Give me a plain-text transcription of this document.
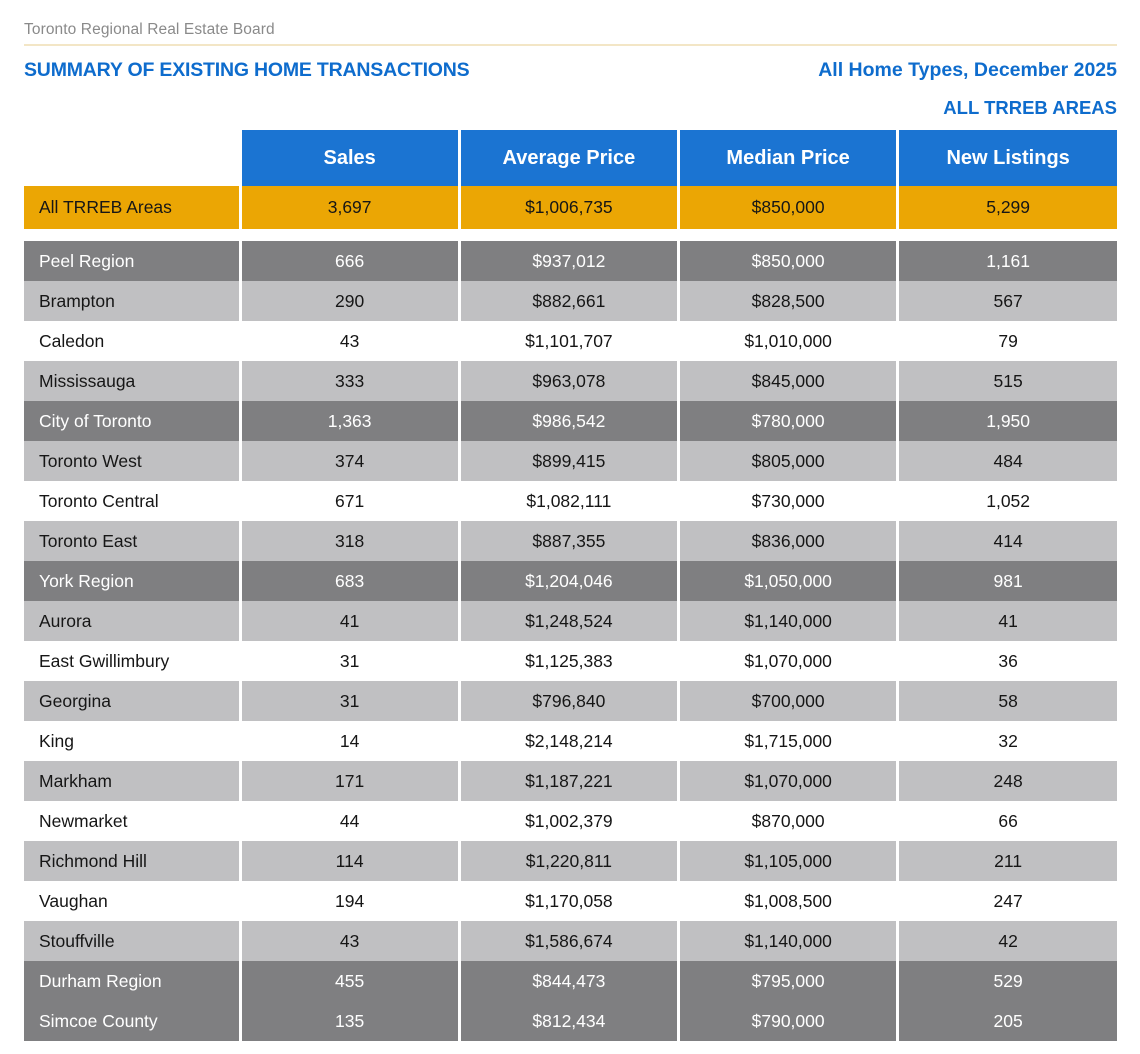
Toronto Regional Real Estate Board
SUMMARY OF EXISTING HOME TRANSACTIONS	All Home Types, December 2025
ALL TRREB AREAS
	Sales	Average Price	Median Price	New Listings
All TRREB Areas	3,697	$1,006,735	$850,000	5,299

Peel Region	666	$937,012	$850,000	1,161
Brampton	290	$882,661	$828,500	567
Caledon	43	$1,101,707	$1,010,000	79
Mississauga	333	$963,078	$845,000	515
City of Toronto	1,363	$986,542	$780,000	1,950
Toronto West	374	$899,415	$805,000	484
Toronto Central	671	$1,082,111	$730,000	1,052
Toronto East	318	$887,355	$836,000	414
York Region	683	$1,204,046	$1,050,000	981
Aurora	41	$1,248,524	$1,140,000	41
East Gwillimbury	31	$1,125,383	$1,070,000	36
Georgina	31	$796,840	$700,000	58
King	14	$2,148,214	$1,715,000	32
Markham	171	$1,187,221	$1,070,000	248
Newmarket	44	$1,002,379	$870,000	66
Richmond Hill	114	$1,220,811	$1,105,000	211
Vaughan	194	$1,170,058	$1,008,500	247
Stouffville	43	$1,586,674	$1,140,000	42
Durham Region	455	$844,473	$795,000	529
Simcoe County	135	$812,434	$790,000	205
